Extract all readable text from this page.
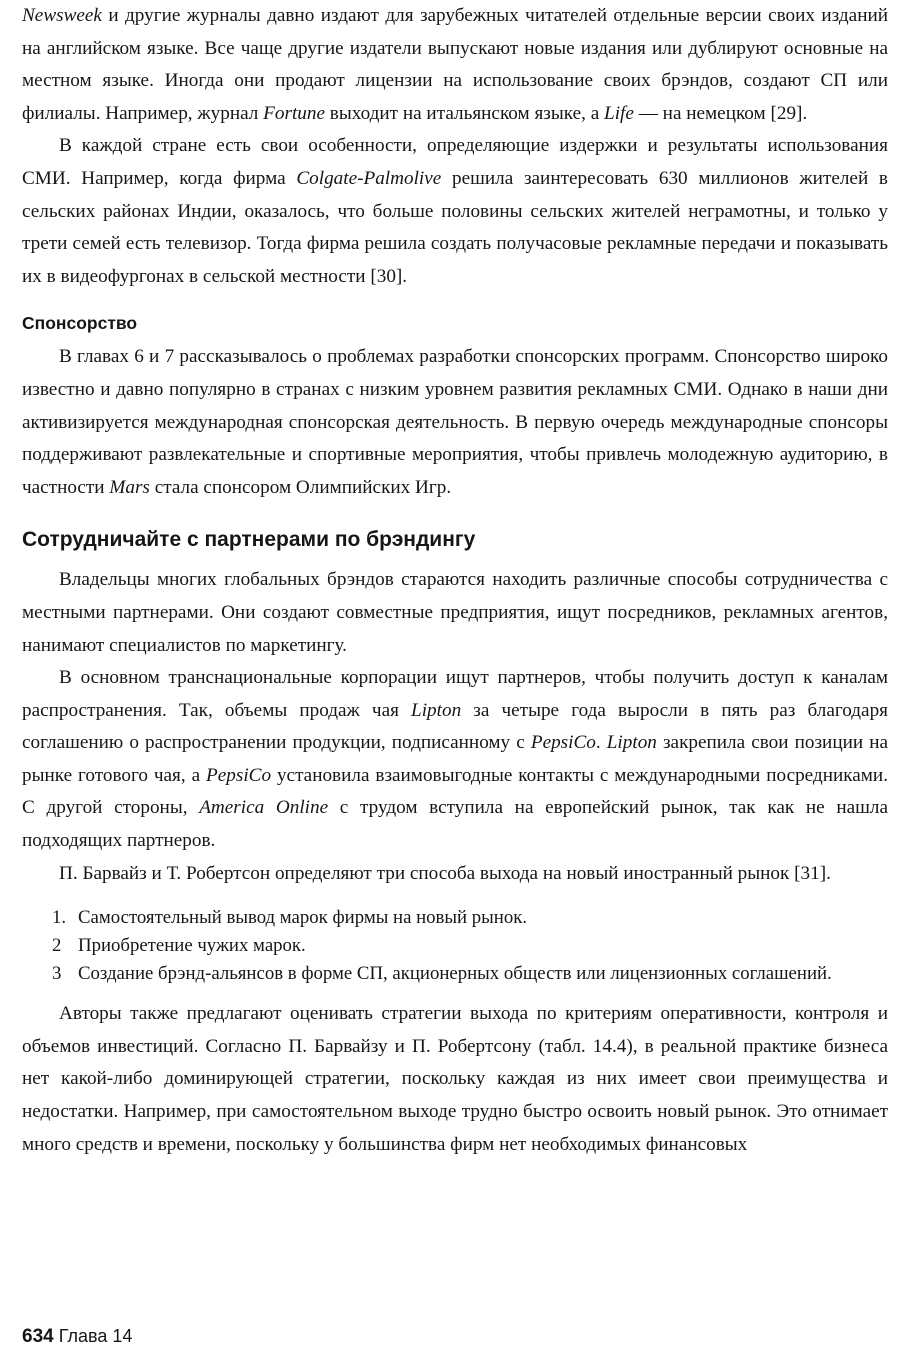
Newsweek и другие журналы давно издают для зарубежных читателей отдельные версии своих изданий на английском языке. Все чаще другие издатели выпускают новые издания или дублируют основные на местном языке. Иногда они продают лицензии на использование своих брэндов, создают СП или филиалы. Например, журнал Fortune выходит на итальянском языке, а Life — на немецком [29].

В каждой стране есть свои особенности, определяющие издержки и результаты использования СМИ. Например, когда фирма Colgate-Palmolive решила заинтересовать 630 миллионов жителей в сельских районах Индии, оказалось, что больше половины сельских жителей неграмотны, и только у трети семей есть телевизор. Тогда фирма решила создать получасовые рекламные передачи и показывать их в видеофургонах в сельской местности [30].

Спонсорство

В главах 6 и 7 рассказывалось о проблемах разработки спонсорских программ. Спонсорство широко известно и давно популярно в странах с низким уровнем развития рекламных СМИ. Однако в наши дни активизируется международная спонсорская деятельность. В первую очередь международные спонсоры поддерживают развлекательные и спортивные мероприятия, чтобы привлечь молодежную аудиторию, в частности Mars стала спонсором Олимпийских Игр.

Сотрудничайте с партнерами по брэндингу

Владельцы многих глобальных брэндов стараются находить различные способы сотрудничества с местными партнерами. Они создают совместные предприятия, ищут посредников, рекламных агентов, нанимают специалистов по маркетингу.

В основном транснациональные корпорации ищут партнеров, чтобы получить доступ к каналам распространения. Так, объемы продаж чая Lipton за четыре года выросли в пять раз благодаря соглашению о распространении продукции, подписанному с PepsiCo. Lipton закрепила свои позиции на рынке готового чая, а PepsiCo установила взаимовыгодные контакты с международными посредниками. С другой стороны, America Online с трудом вступила на европейский рынок, так как не нашла подходящих партнеров.

П. Барвайз и Т. Робертсон определяют три способа выхода на новый иностранный рынок [31].

1. Самостоятельный вывод марок фирмы на новый рынок.
2 Приобретение чужих марок.
3 Создание брэнд-альянсов в форме СП, акционерных обществ или лицензионных соглашений.

Авторы также предлагают оценивать стратегии выхода по критериям оперативности, контроля и объемов инвестиций. Согласно П. Барвайзу и П. Робертсону (табл. 14.4), в реальной практике бизнеса нет какой-либо доминирующей стратегии, поскольку каждая из них имеет свои преимущества и недостатки. Например, при самостоятельном выходе трудно быстро освоить новый рынок. Это отнимает много средств и времени, поскольку у большинства фирм нет необходимых финансовых

634 Глава 14
